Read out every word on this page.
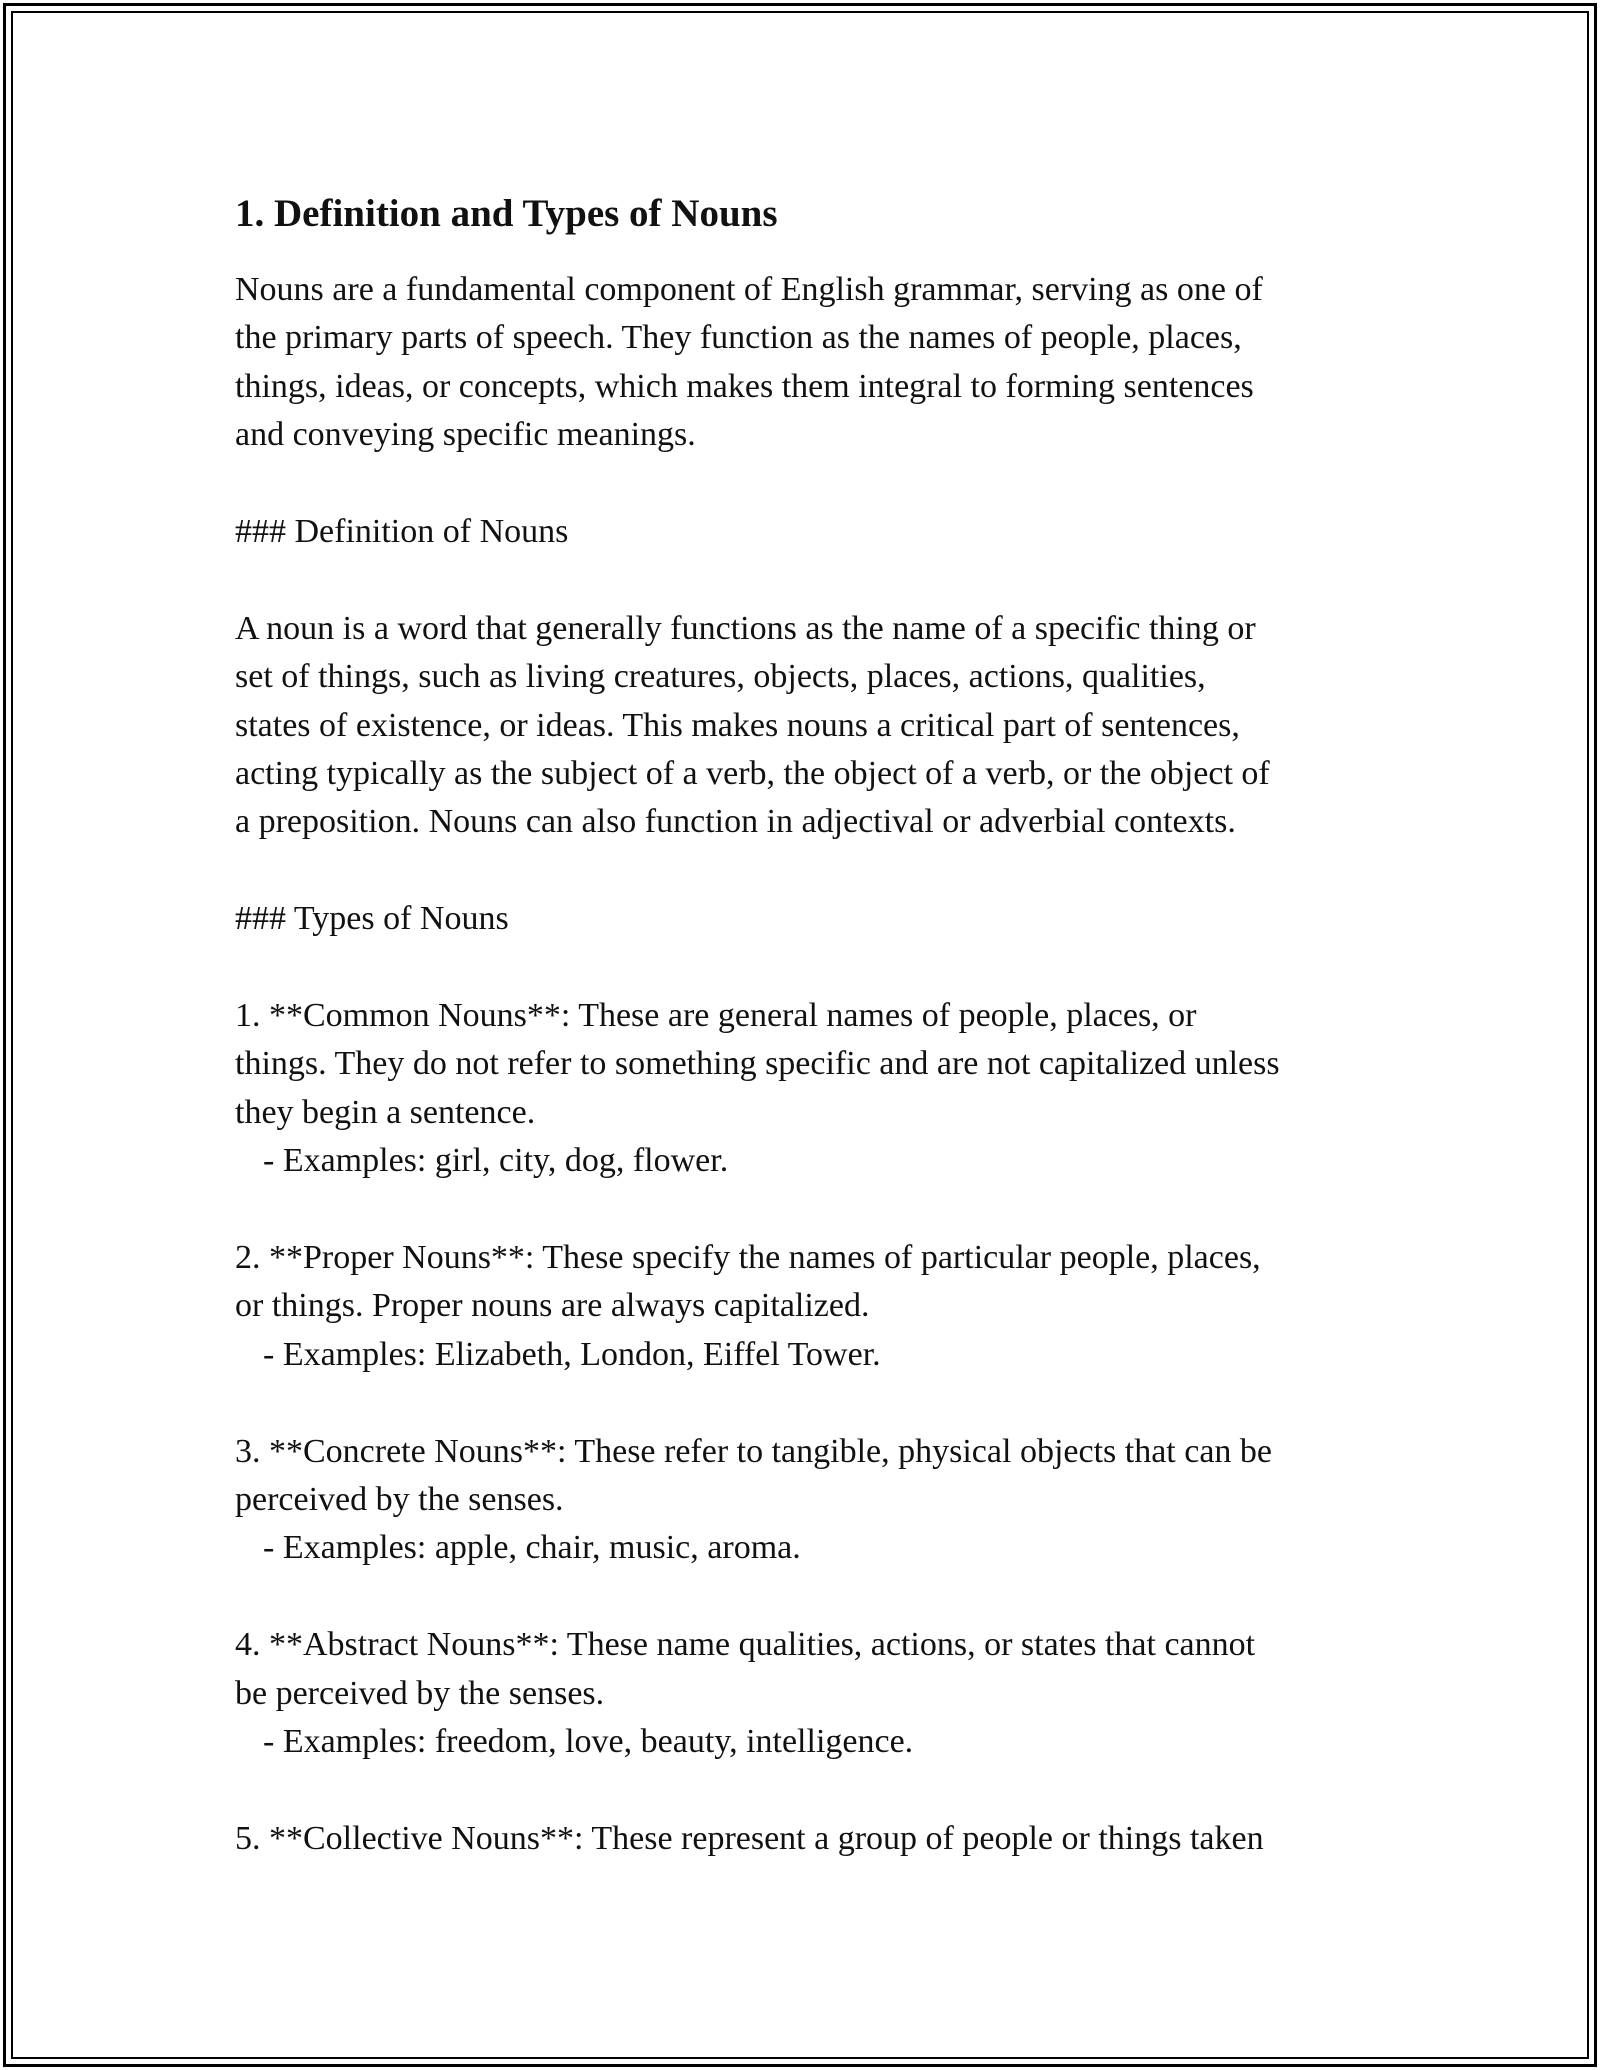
1. Definition and Types of Nouns

Nouns are a fundamental component of English grammar, serving as one of
the primary parts of speech. They function as the names of people, places,
things, ideas, or concepts, which makes them integral to forming sentences
and conveying specific meanings.

### Definition of Nouns

A noun is a word that generally functions as the name of a specific thing or
set of things, such as living creatures, objects, places, actions, qualities,
states of existence, or ideas. This makes nouns a critical part of sentences,
acting typically as the subject of a verb, the object of a verb, or the object of
a preposition. Nouns can also function in adjectival or adverbial contexts.

### Types of Nouns

1. **Common Nouns**: These are general names of people, places, or
things. They do not refer to something specific and are not capitalized unless
they begin a sentence.

- Examples: girl, city, dog, flower.

2. **Proper Nouns**: These specify the names of particular people, places,
or things. Proper nouns are always capitalized.

- Examples: Elizabeth, London, Eiffel Tower.

3. **Concrete Nouns**: These refer to tangible, physical objects that can be
perceived by the senses.

- Examples: apple, chair, music, aroma.

4. **Abstract Nouns**: These name qualities, actions, or states that cannot
be perceived by the senses.

- Examples: freedom, love, beauty, intelligence.

5. **Collective Nouns**: These represent a group of people or things taken
